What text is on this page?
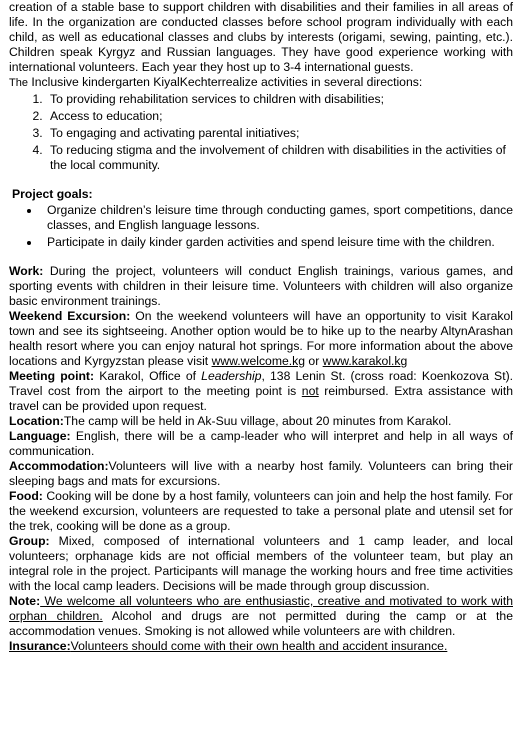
creation of a stable base to support children with disabilities and their families in all areas of life. In the organization are conducted classes before school program individually with each child, as well as educational classes and clubs by interests (origami, sewing, painting, etc.). Children speak Kyrgyz and Russian languages. They have good experience working with international volunteers. Each year they host up to 3-4 international guests.

The Inclusive kindergarten KiyalKechterrealize activities in several directions:

1. To providing rehabilitation services to children with disabilities;
2. Access to education;
3. To engaging and activating parental initiatives;
4. To reducing stigma and the involvement of children with disabilities in the activities of the local community.

Project goals:

• Organize children’s leisure time through conducting games, sport competitions, dance classes, and English language lessons.
• Participate in daily kinder garden activities and spend leisure time with the children.

Work: During the project, volunteers will conduct English trainings, various games, and sporting events with children in their leisure time. Volunteers with children will also organize basic environment trainings.

Weekend Excursion: On the weekend volunteers will have an opportunity to visit Karakol town and see its sightseeing. Another option would be to hike up to the nearby AltynArashan health resort where you can enjoy natural hot springs. For more information about the above locations and Kyrgyzstan please visit www.welcome.kg or www.karakol.kg

Meeting point: Karakol, Office of Leadership, 138 Lenin St. (cross road: Koenkozova St). Travel cost from the airport to the meeting point is not reimbursed. Extra assistance with travel can be provided upon request.

Location:The camp will be held in Ak-Suu village, about 20 minutes from Karakol.

Language: English, there will be a camp-leader who will interpret and help in all ways of communication.

Accommodation:Volunteers will live with a nearby host family. Volunteers can bring their sleeping bags and mats for excursions.

Food: Cooking will be done by a host family, volunteers can join and help the host family. For the weekend excursion, volunteers are requested to take a personal plate and utensil set for the trek, cooking will be done as a group.

Group: Mixed, composed of international volunteers and 1 camp leader, and local volunteers; orphanage kids are not official members of the volunteer team, but play an integral role in the project. Participants will manage the working hours and free time activities with the local camp leaders. Decisions will be made through group discussion.

Note: We welcome all volunteers who are enthusiastic, creative and motivated to work with orphan children. Alcohol and drugs are not permitted during the camp or at the accommodation venues. Smoking is not allowed while volunteers are with children.

Insurance:Volunteers should come with their own health and accident insurance.
